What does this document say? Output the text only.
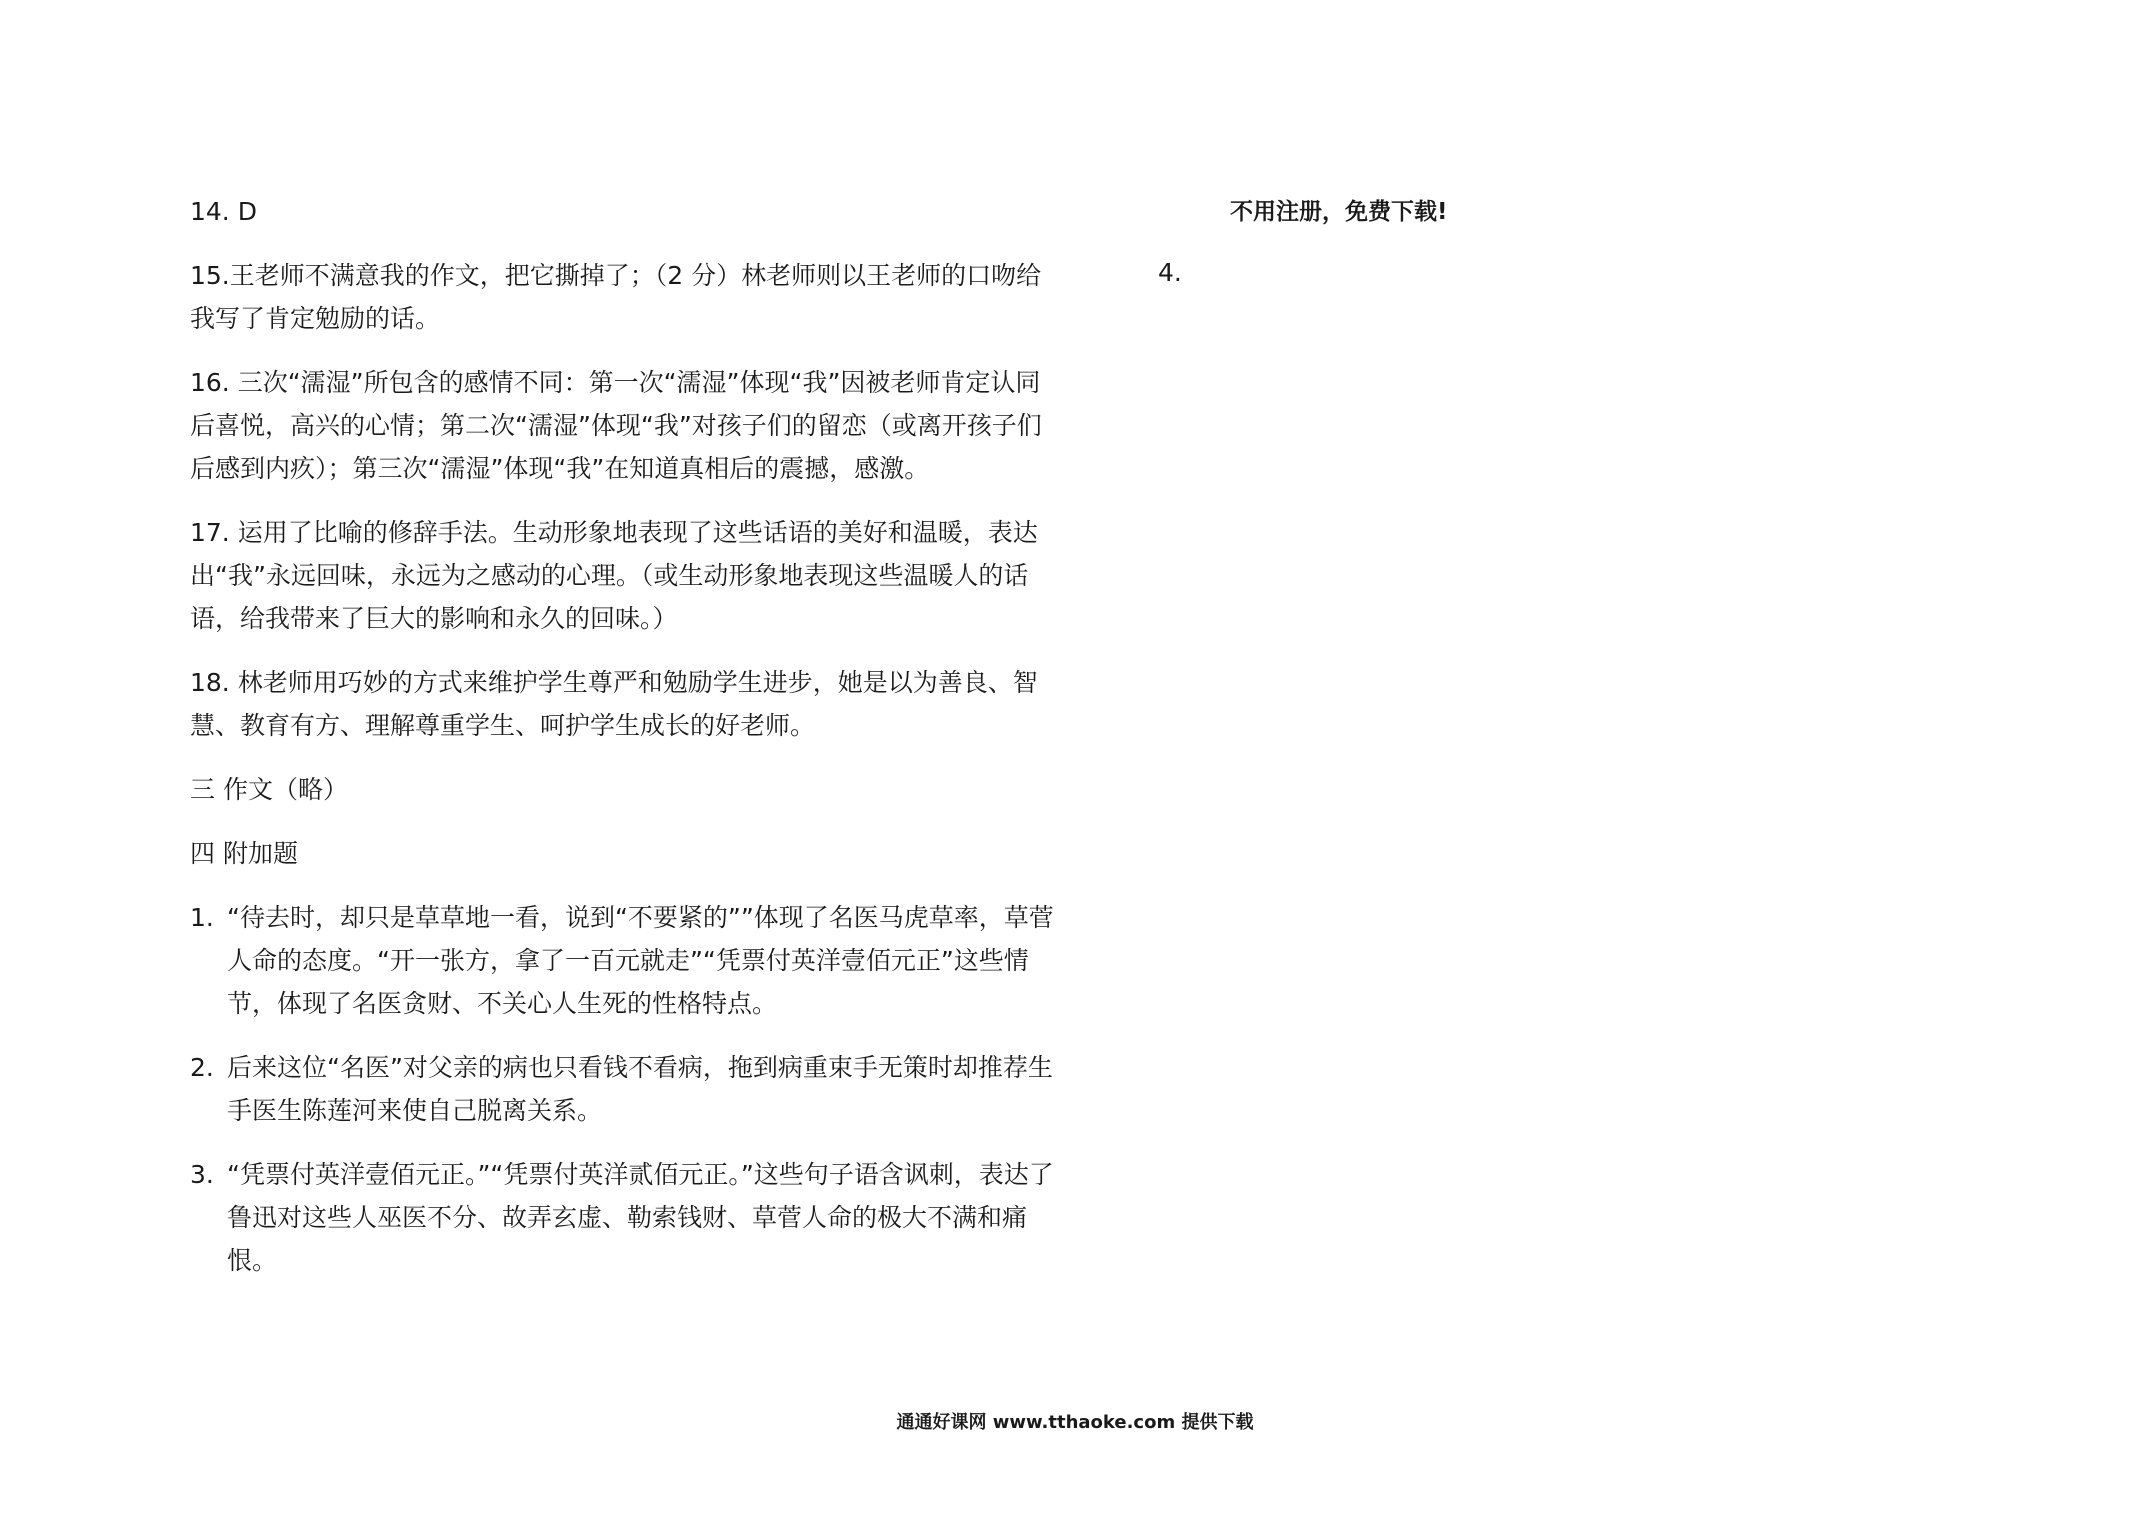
14. D

15.王老师不满意我的作文，把它撕掉了；（2 分）林老师则以王老师的口吻给我写了肯定勉励的话。

16. 三次“濡湿”所包含的感情不同：第一次“濡湿”体现“我”因被老师肯定认同后喜悦，高兴的心情；第二次“濡湿”体现“我”对孩子们的留恋（或离开孩子们后感到内疚）；第三次“濡湿”体现“我”在知道真相后的震撼，感激。

17. 运用了比喻的修辞手法。生动形象地表现了这些话语的美好和温暖，表达出“我”永远回味，永远为之感动的心理。（或生动形象地表现这些温暖人的话语，给我带来了巨大的影响和永久的回味。）

18. 林老师用巧妙的方式来维护学生尊严和勉励学生进步，她是以为善良、智慧、教育有方、理解尊重学生、呵护学生成长的好老师。

三 作文（略）

四 附加题

1. “待去时，却只是草草地一看，说到“不要紧的””体现了名医马虎草率，草菅人命的态度。“开一张方，拿了一百元就走”“凭票付英洋壹佰元正”这些情节，体现了名医贪财、不关心人生死的性格特点。
2. 后来这位“名医”对父亲的病也只看钱不看病，拖到病重束手无策时却推荐生手医生陈莲河来使自己脱离关系。
3. “凭票付英洋壹佰元正。”“凭票付英洋贰佰元正。”这些句子语含讽刺，表达了鲁迅对这些人巫医不分、故弄玄虚、勒索钱财、草菅人命的极大不满和痛恨。
不用注册，免费下载!
4.
通通好课网 www.tthaoke.com 提供下载
